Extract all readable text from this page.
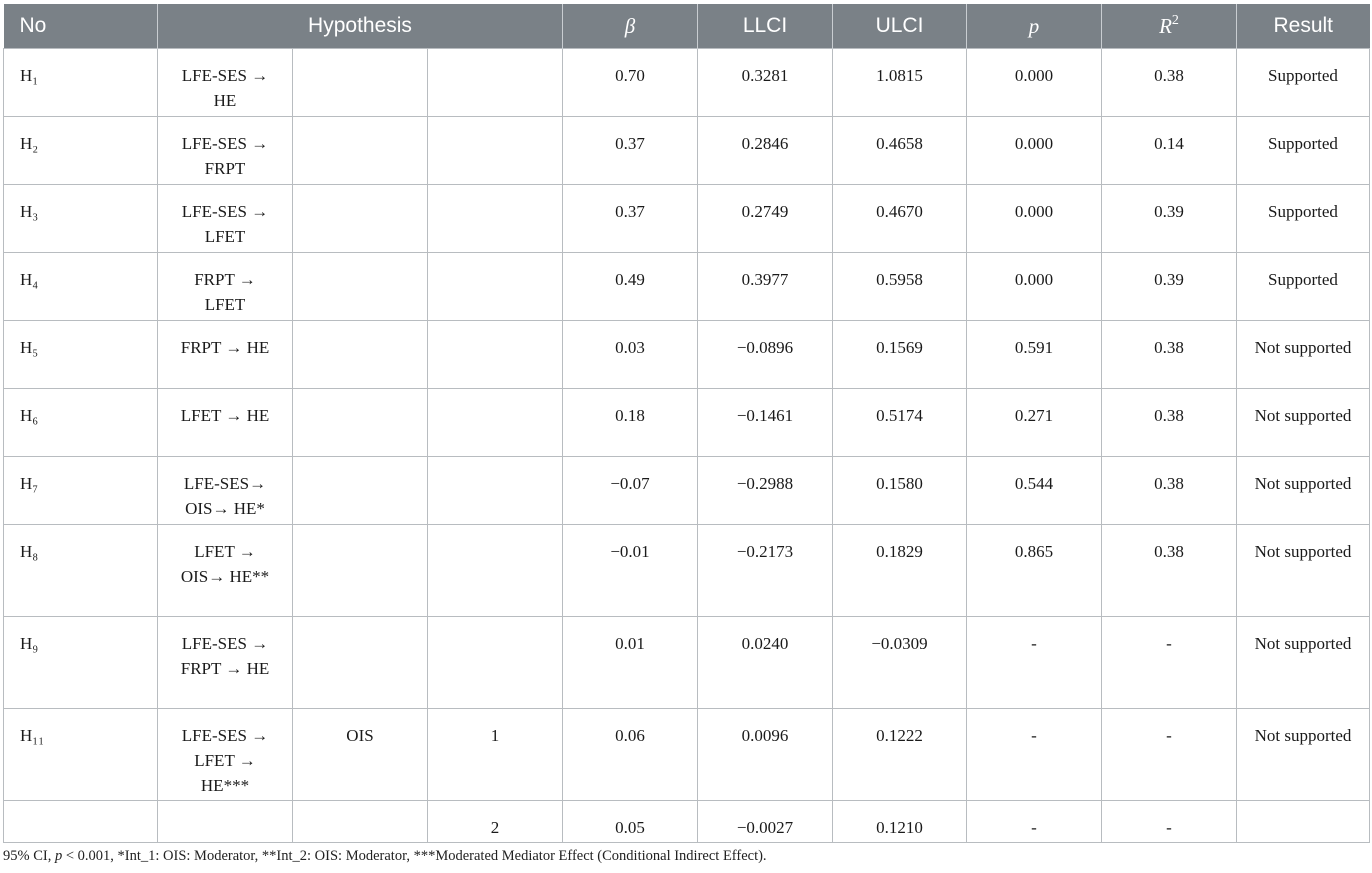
No	Hypothesis			β	LLCI	ULCI	p	$R^2$	Result
H₁	LFE-SES → HE			0.70	0.3281	1.0815	0.000	0.38	Supported
H₂	LFE-SES → FRPT			0.37	0.2846	0.4658	0.000	0.14	Supported
H₃	LFE-SES → LFET			0.37	0.2749	0.4670	0.000	0.39	Supported
H₄	FRPT → LFET			0.49	0.3977	0.5958	0.000	0.39	Supported
H₅	FRPT → HE			0.03	−0.0896	0.1569	0.591	0.38	Not supported
H₆	LFET → HE			0.18	−0.1461	0.5174	0.271	0.38	Not supported
H₇	LFE-SES→ OIS→ HE*			−0.07	−0.2988	0.1580	0.544	0.38	Not supported
H₈	LFET → OIS→ HE**			−0.01	−0.2173	0.1829	0.865	0.38	Not supported
H₉	LFE-SES → FRPT → HE			0.01	0.0240	−0.0309	-	-	Not supported
H₁₁	LFE-SES → LFET → HE***	OIS	1	0.06	0.0096	0.1222	-	-	Not supported
			2	0.05	−0.0027	0.1210	-	-	
95% CI, p < 0.001, *Int_1: OIS: Moderator, **Int_2: OIS: Moderator, ***Moderated Mediator Effect (Conditional Indirect Effect).
